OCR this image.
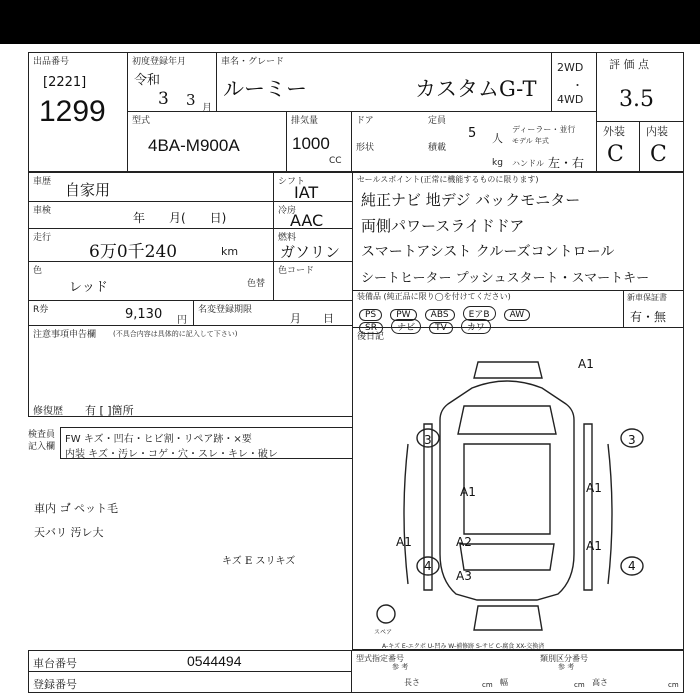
出品番号
[2221]
1299
初度登録年月
令和
3 3 月
車名・グレード
ルーミー	カスタムG-T
2WD
・
4WD
評 価 点
3.5
型式
4BA-M900A
排気量
1000
CC
ドア
形状
定員
5 人
積載
kg
ディーラー・並行
モデル 年式
ハンドル 左・右
外装
C
内装
C
車歴 自家用
車検	年　　月(　　日)
走行
6万0千240	km
色
レッド	色替
シフト
IAT
冷房
AAC
燃料
ガソリン
色コード
R券	9,130 円
名変登録期限
月　　日
注意事項申告欄 (不具合内容は具体的に記入して下さい)
修復歴 有 [ ]箇所
セールスポイント(正常に機能するものに限ります)
純正ナビ 地デジ バックモニター
両側パワースライドドア
スマートアシスト クルーズコントロール
シートヒーター プッシュスタート・スマートキー
装備品 (純正品に限り◯を付けてください)
PS PW ABS EアB AW
SR ナビ TV カワ
新車保証書
有・無
後日記
検査員 記入欄
FW キズ・凹右・ヒビ割・リペア跡・×要
内装 キズ・汚レ・コゲ・穴・スレ・キレ・破レ
車内 ゴ゙ ペット毛
天バリ 汚レ大
キズ E スリキズ
A1
3	3
A1	A1
A1	A2
A3
4	4
A1
スペア
A-キズ E-エクボ U-凹み W-補修跡 S-サビ C-腐食 XX-交換済
車台番号	0544494
登録番号
型式指定番号
参 考
類別区分番号
参 考
長さ	cm 幅	cm 高さ	cm
